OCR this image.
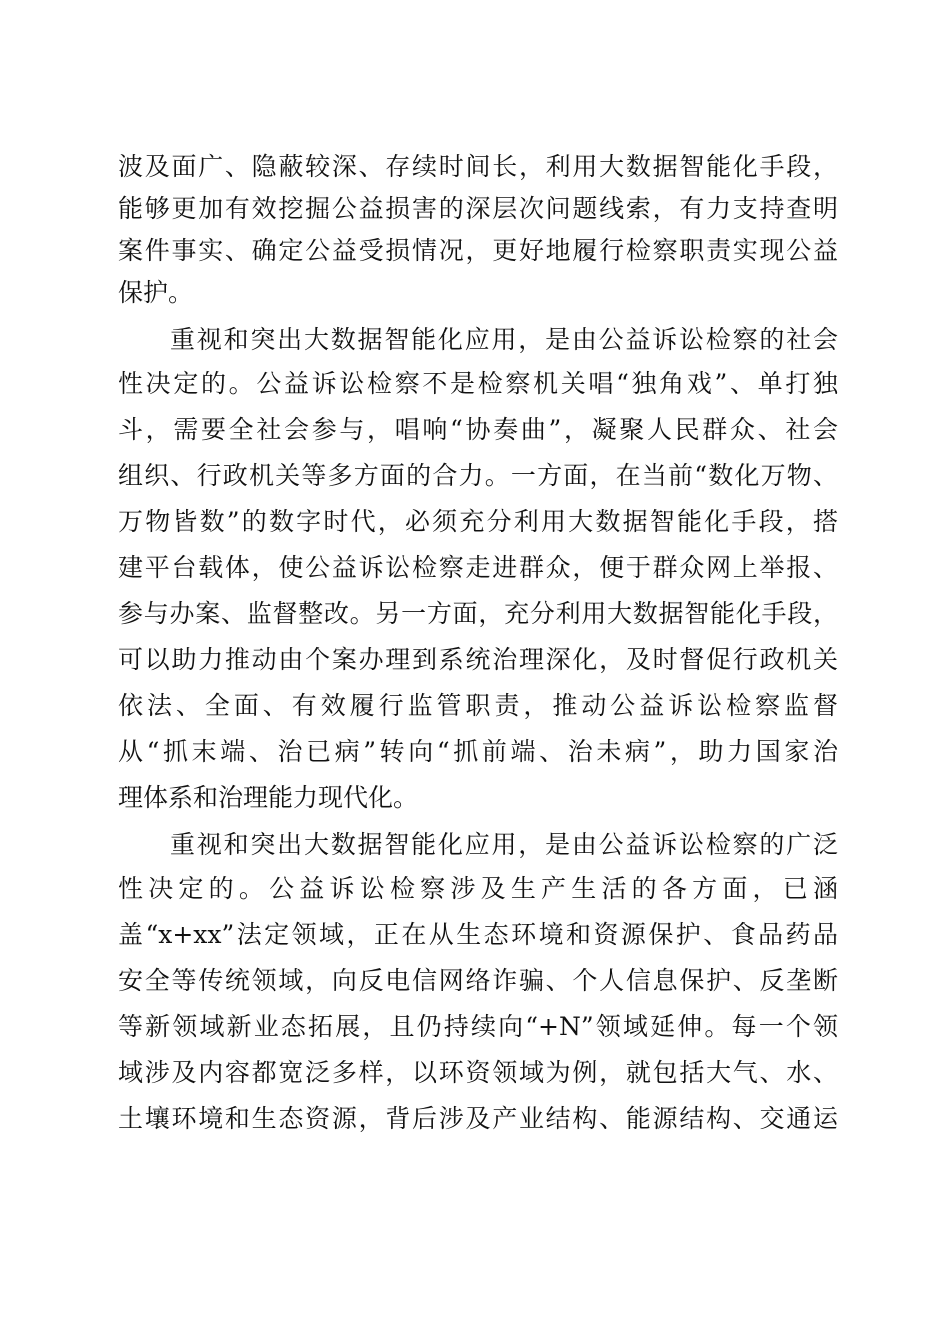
波及面广、隐蔽较深、存续时间长，利用大数据智能化手段，
能够更加有效挖掘公益损害的深层次问题线索，有力支持查明
案件事实、确定公益受损情况，更好地履行检察职责实现公益
保护。
重视和突出大数据智能化应用，是由公益诉讼检察的社会
性决定的。公益诉讼检察不是检察机关唱“独角戏”、单打独
斗，需要全社会参与，唱响“协奏曲”，凝聚人民群众、社会
组织、行政机关等多方面的合力。一方面，在当前“数化万物、
万物皆数”的数字时代，必须充分利用大数据智能化手段，搭
建平台载体，使公益诉讼检察走进群众，便于群众网上举报、
参与办案、监督整改。另一方面，充分利用大数据智能化手段，
可以助力推动由个案办理到系统治理深化，及时督促行政机关
依法、全面、有效履行监管职责，推动公益诉讼检察监督
从“抓末端、治已病”转向“抓前端、治未病”，助力国家治
理体系和治理能力现代化。
重视和突出大数据智能化应用，是由公益诉讼检察的广泛
性决定的。公益诉讼检察涉及生产生活的各方面，已涵
盖“x+xx”法定领域，正在从生态环境和资源保护、食品药品
安全等传统领域，向反电信网络诈骗、个人信息保护、反垄断
等新领域新业态拓展，且仍持续向“+N”领域延伸。每一个领
域涉及内容都宽泛多样，以环资领域为例，就包括大气、水、
土壤环境和生态资源，背后涉及产业结构、能源结构、交通运
